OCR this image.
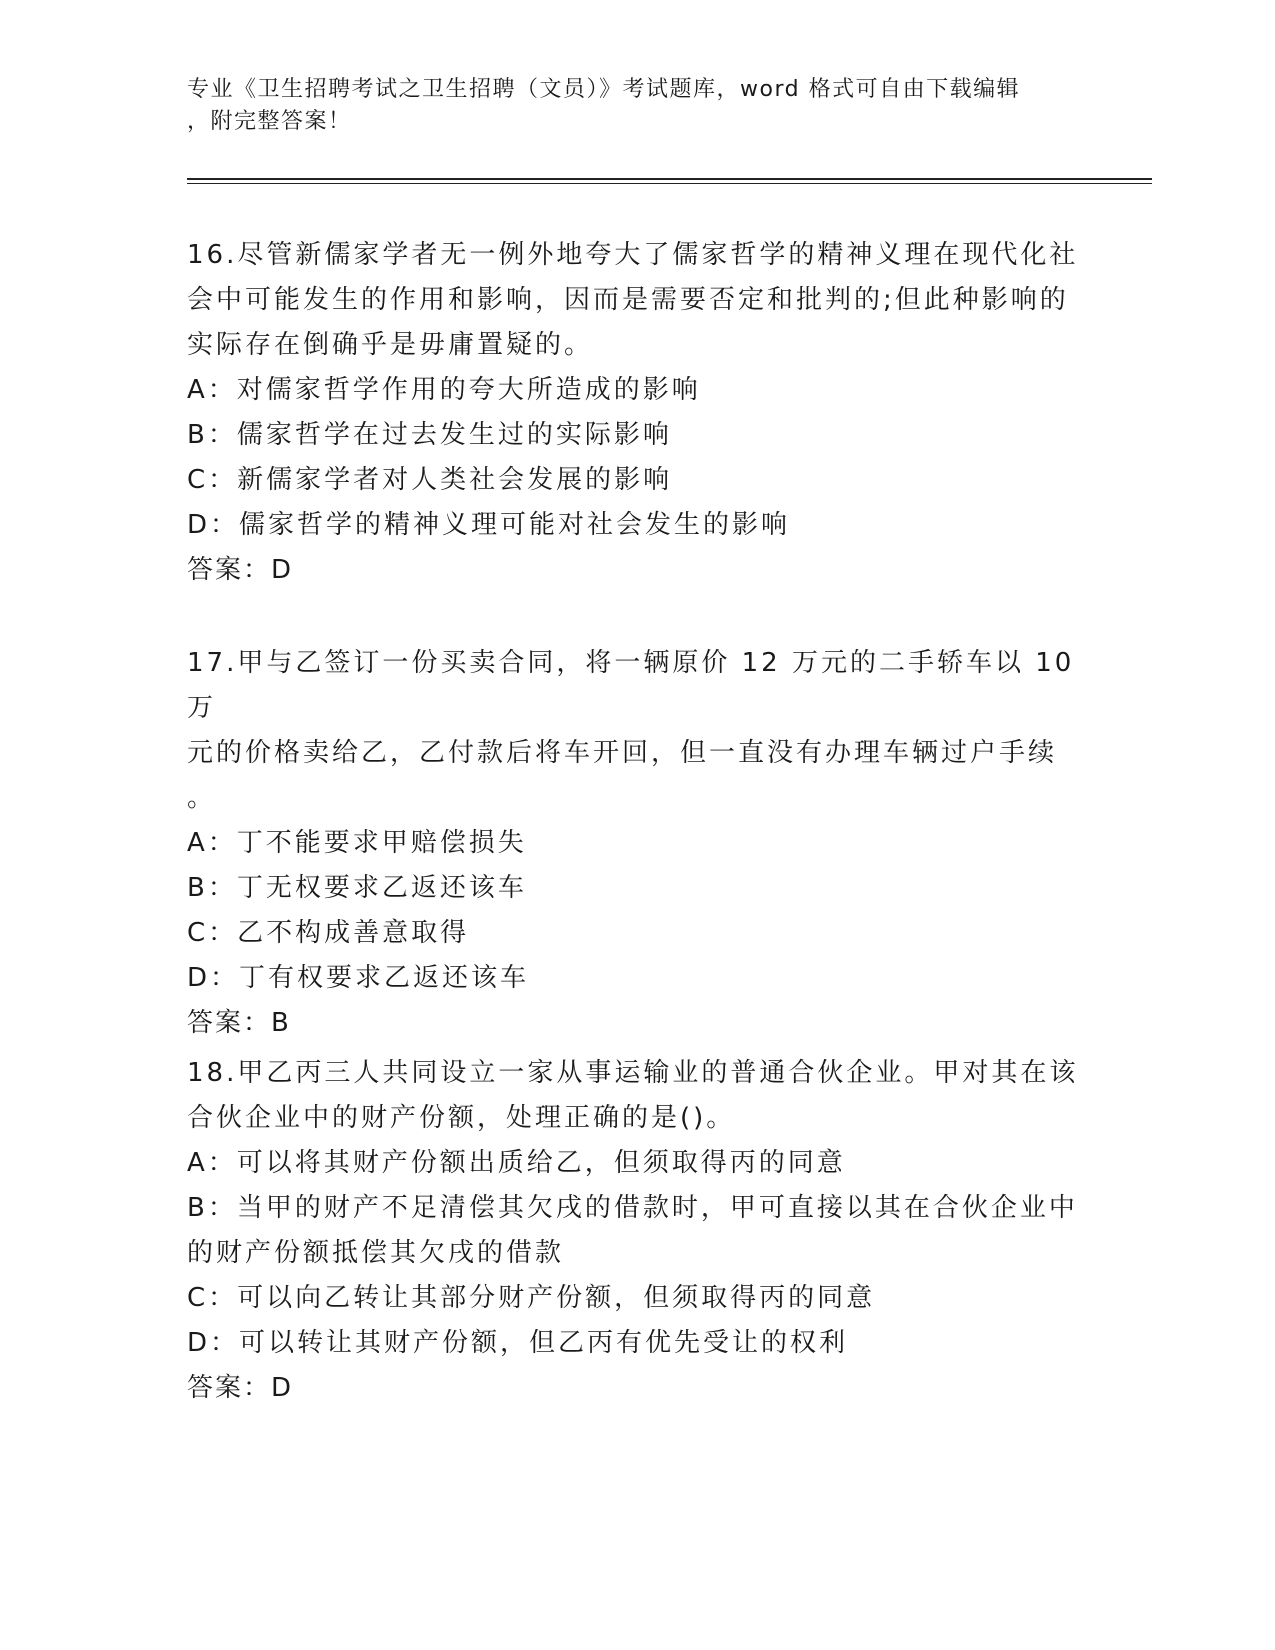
专业《卫生招聘考试之卫生招聘（文员）》考试题库，word 格式可自由下载编辑
，附完整答案！

16.尽管新儒家学者无一例外地夸大了儒家哲学的精神义理在现代化社
会中可能发生的作用和影响，因而是需要否定和批判的;但此种影响的
实际存在倒确乎是毋庸置疑的。

A：对儒家哲学作用的夸大所造成的影响

B：儒家哲学在过去发生过的实际影响

C：新儒家学者对人类社会发展的影响

D：儒家哲学的精神义理可能对社会发生的影响

答案：D

17.甲与乙签订一份买卖合同，将一辆原价 12 万元的二手轿车以 10 万
元的价格卖给乙，乙付款后将车开回，但一直没有办理车辆过户手续
。

A：丁不能要求甲赔偿损失

B：丁无权要求乙返还该车

C：乙不构成善意取得

D：丁有权要求乙返还该车

答案：B

18.甲乙丙三人共同设立一家从事运输业的普通合伙企业。甲对其在该
合伙企业中的财产份额，处理正确的是()。

A：可以将其财产份额出质给乙，但须取得丙的同意

B：当甲的财产不足清偿其欠戌的借款时，甲可直接以其在合伙企业中
的财产份额抵偿其欠戌的借款

C：可以向乙转让其部分财产份额，但须取得丙的同意

D：可以转让其财产份额，但乙丙有优先受让的权利

答案：D
